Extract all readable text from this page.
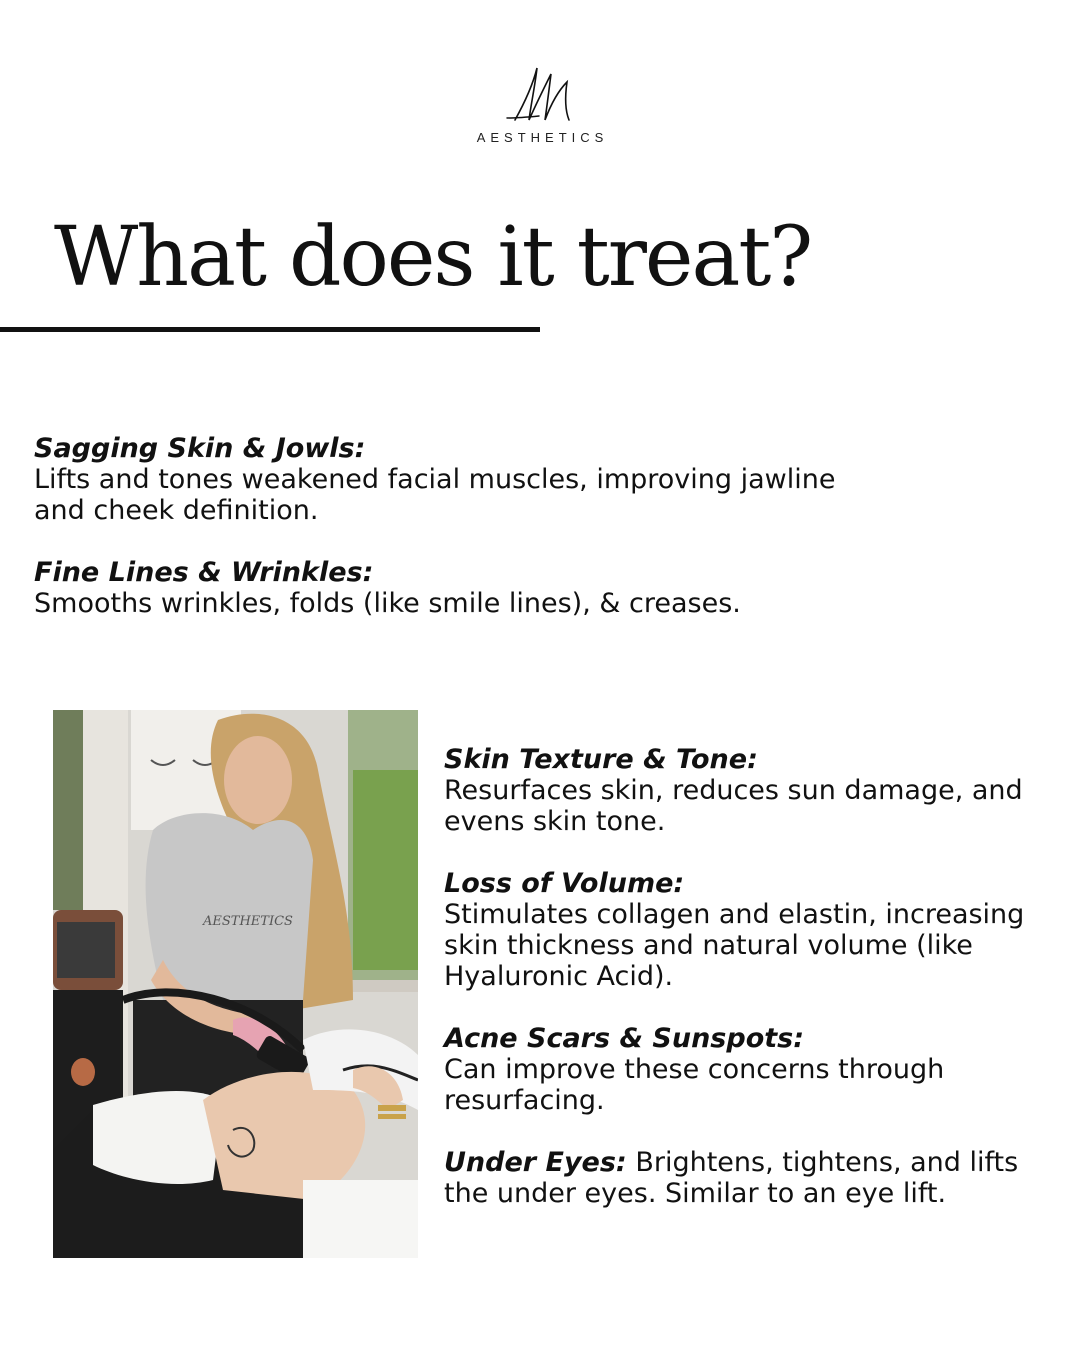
AESTHETICS
What does it treat?
Sagging Skin & Jowls:
Lifts and tones weakened facial muscles, improving jawline and cheek definition.
Fine Lines & Wrinkles:
Smooths wrinkles, folds (like smile lines), & creases.
AESTHETICS
Skin Texture & Tone:
Resurfaces skin, reduces sun damage, and evens skin tone.
Loss of Volume:
Stimulates collagen and elastin, increasing skin thickness and natural volume (like Hyaluronic Acid).
Acne Scars & Sunspots:
Can improve these concerns through resurfacing.
Under Eyes: Brightens, tightens, and lifts the under eyes. Similar to an eye lift.
